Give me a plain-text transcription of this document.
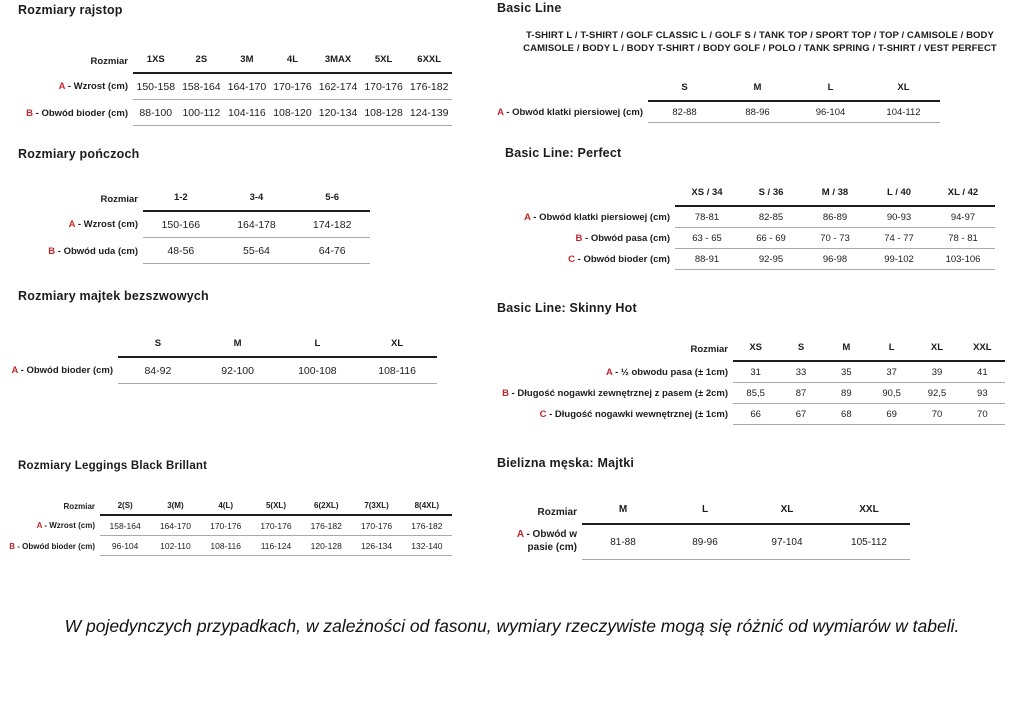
Rozmiary rajstop
Rozmiar	1XS	2S	3M	4L	3MAX	5XL	6XXL
A - Wzrost (cm)	150-158	158-164	164-170	170-176	162-174	170-176	176-182
B - Obwód bioder (cm)	88-100	100-112	104-116	108-120	120-134	108-128	124-139
Rozmiary pończoch
Rozmiar	1-2	3-4	5-6
A - Wzrost (cm)	150-166	164-178	174-182
B - Obwód uda (cm)	48-56	55-64	64-76
Rozmiary majtek bezszwowych
	S	M	L	XL
A - Obwód bioder (cm)	84-92	92-100	100-108	108-116
Rozmiary Leggings Black Brillant
Rozmiar	2(S)	3(M)	4(L)	5(XL)	6(2XL)	7(3XL)	8(4XL)
A - Wzrost (cm)	158-164	164-170	170-176	170-176	176-182	170-176	176-182
B - Obwód bioder (cm)	96-104	102-110	108-116	116-124	120-128	126-134	132-140
Basic Line

T-SHIRT L / T-SHIRT / GOLF CLASSIC L / GOLF S / TANK TOP / SPORT TOP / TOP / CAMISOLE / BODY CAMISOLE / BODY L / BODY T-SHIRT / BODY GOLF / POLO / TANK SPRING / T-SHIRT / VEST PERFECT

	S	M	L	XL
A - Obwód klatki piersiowej (cm)	82-88	88-96	96-104	104-112
Basic Line: Perfect
	XS / 34	S / 36	M / 38	L / 40	XL / 42
A - Obwód klatki piersiowej (cm)	78-81	82-85	86-89	90-93	94-97
B - Obwód pasa (cm)	63 - 65	66 - 69	70 - 73	74 - 77	78 - 81
C - Obwód bioder (cm)	88-91	92-95	96-98	99-102	103-106
Basic Line: Skinny Hot
Rozmiar	XS	S	M	L	XL	XXL
A - ½ obwodu pasa (± 1cm)	31	33	35	37	39	41
B - Długość nogawki zewnętrznej z pasem (± 2cm)	85,5	87	89	90,5	92,5	93
C - Długość nogawki wewnętrznej (± 1cm)	66	67	68	69	70	70
Bielizna męska: Majtki
Rozmiar	M	L	XL	XXL
A - Obwód w pasie (cm)	81-88	89-96	97-104	105-112

W pojedynczych przypadkach, w zależności od fasonu, wymiary rzeczywiste mogą się różnić od wymiarów w tabeli.
